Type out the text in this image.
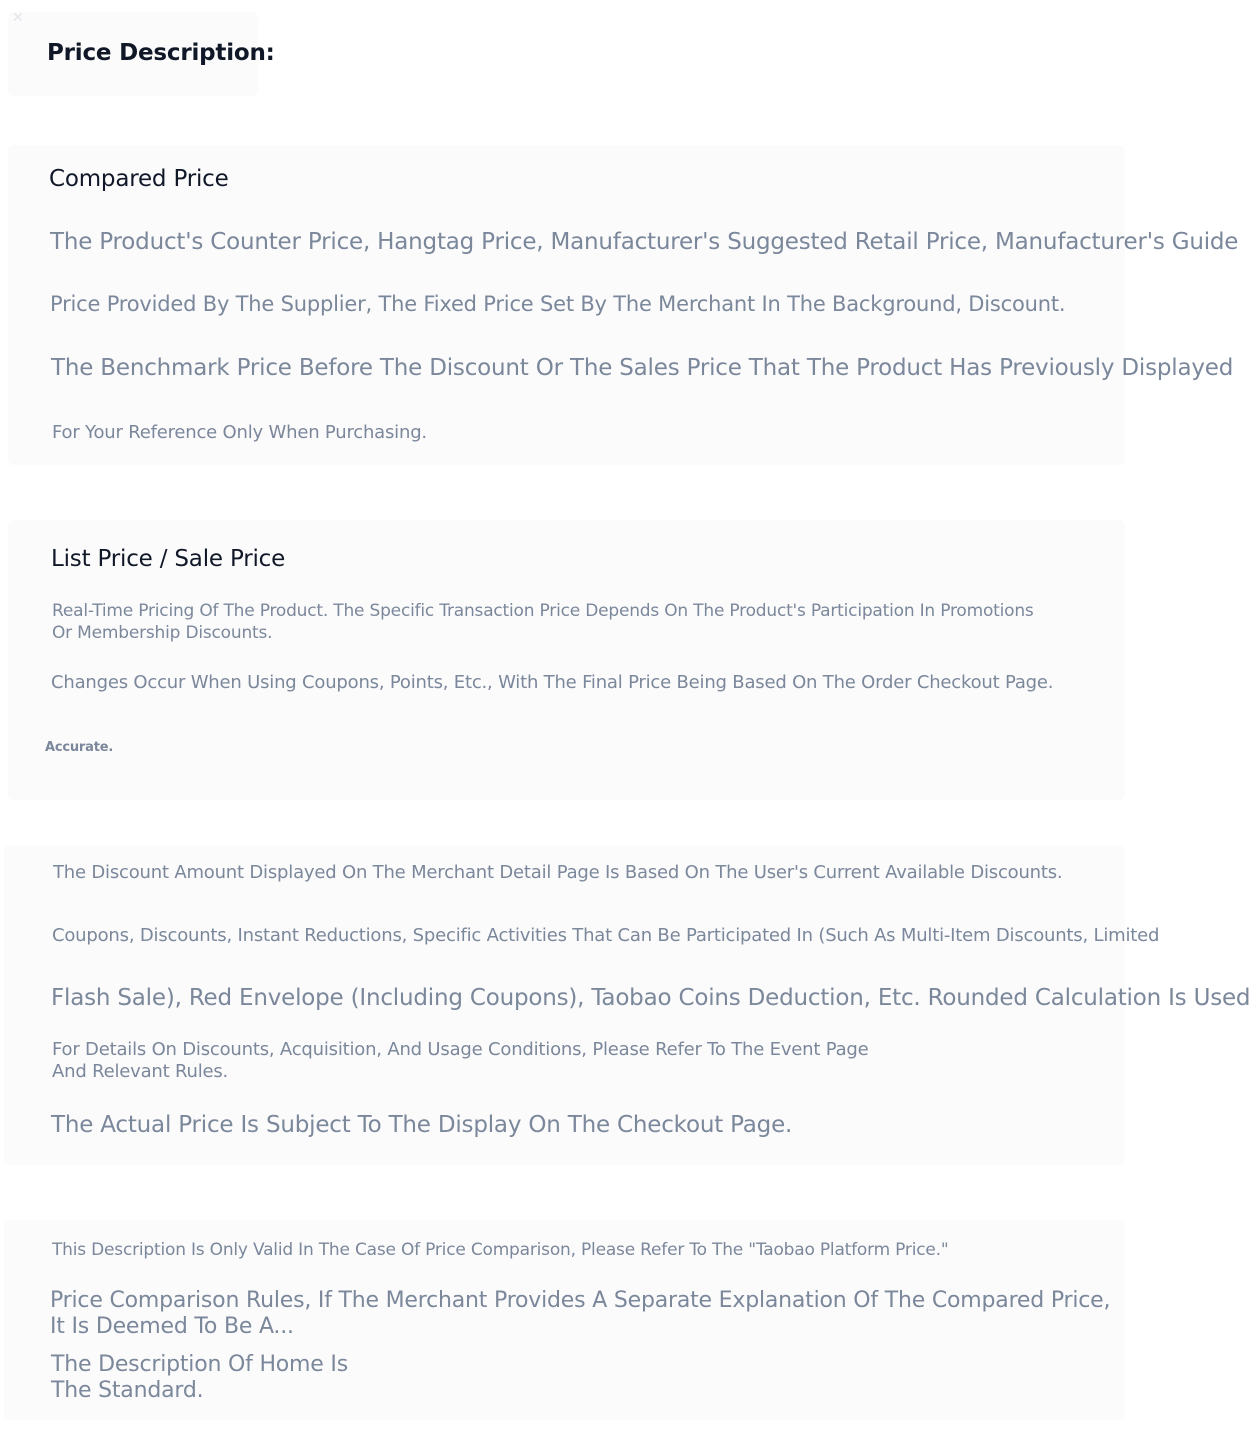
✕
Price Description:
Compared Price

The Product's Counter Price, Hangtag Price, Manufacturer's Suggested Retail Price, Manufacturer's Guide

Price Provided By The Supplier, The Fixed Price Set By The Merchant In The Background, Discount.

The Benchmark Price Before The Discount Or The Sales Price That The Product Has Previously Displayed

For Your Reference Only When Purchasing.

List Price / Sale Price

Real-Time Pricing Of The Product. The Specific Transaction Price Depends On The Product's Participation In Promotions
Or Membership Discounts.

Changes Occur When Using Coupons, Points, Etc., With The Final Price Being Based On The Order Checkout Page.

Accurate.

The Discount Amount Displayed On The Merchant Detail Page Is Based On The User's Current Available Discounts.

Coupons, Discounts, Instant Reductions, Specific Activities That Can Be Participated In (Such As Multi-Item Discounts, Limited

Flash Sale), Red Envelope (Including Coupons), Taobao Coins Deduction, Etc. Rounded Calculation Is Used

For Details On Discounts, Acquisition, And Usage Conditions, Please Refer To The Event Page
And Relevant Rules.

The Actual Price Is Subject To The Display On The Checkout Page.

This Description Is Only Valid In The Case Of Price Comparison, Please Refer To The "Taobao Platform Price."

Price Comparison Rules, If The Merchant Provides A Separate Explanation Of The Compared Price,
It Is Deemed To Be A...

The Description Of Home Is
The Standard.
